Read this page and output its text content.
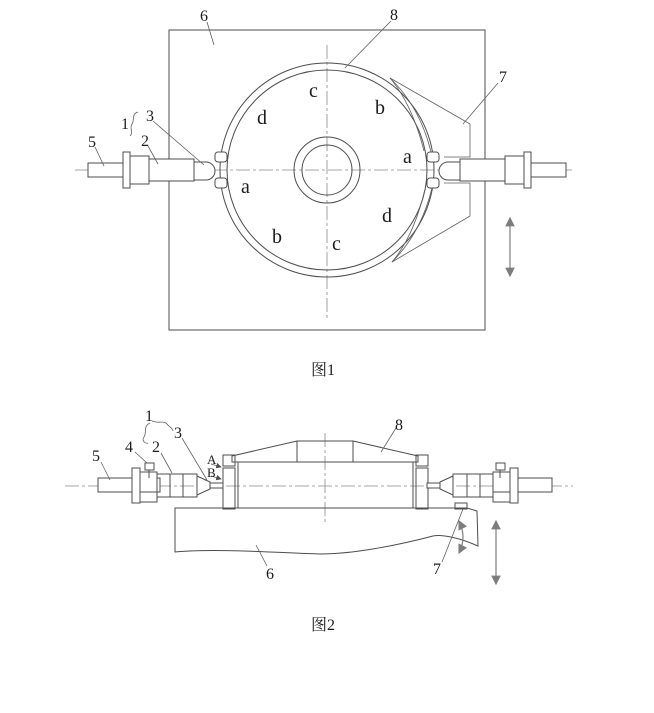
6	8
7
1 3
2
5
a
a
b
b
c
c
d
d
图1
1
3
2
4
5
8
6	7
A
B
图2
